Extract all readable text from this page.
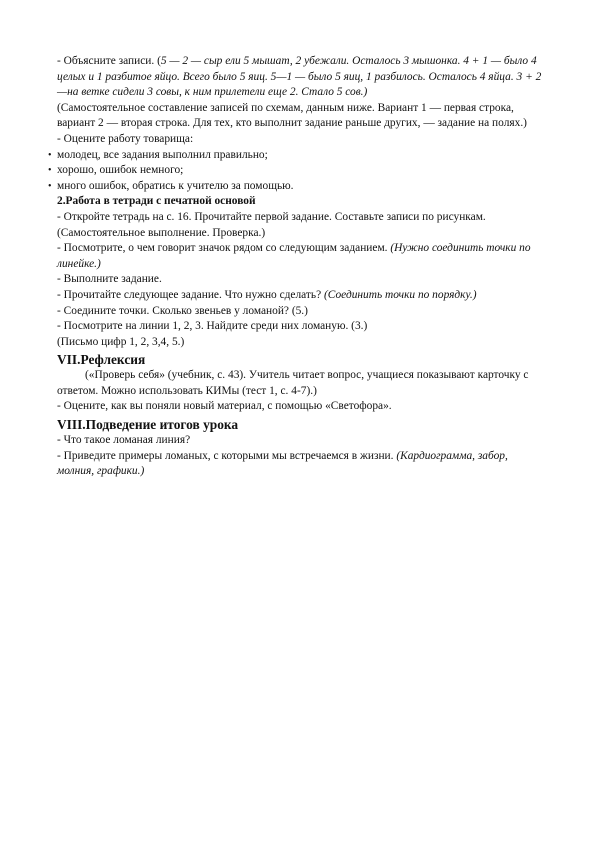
- Объясните записи. (5 — 2 — сыр ели 5 мышат, 2 убежали. Осталось 3 мышонка. 4 + 1 — было 4 целых и 1 разбитое яйцо. Всего было 5 яиц. 5—1 — было 5 яиц, 1 разбилось. Осталось 4 яйца. 3 + 2 —на ветке сидели 3 совы, к ним прилетели еще 2. Стало 5 сов.)
(Самостоятельное составление записей по схемам, данным ниже. Вариант 1 — первая строка, вариант 2 — вторая строка. Для тех, кто выполнит задание раньше других, — задание на полях.)
- Оцените работу товарища:
• молодец, все задания выполнил правильно;
• хорошо, ошибок немного;
• много ошибок, обратись к учителю за помощью.
2.Работа в тетради с печатной основой
- Откройте тетрадь на с. 16. Прочитайте первой задание. Составьте записи по рисункам.
(Самостоятельное выполнение. Проверка.)
- Посмотрите, о чем говорит значок рядом со следующим заданием. (Нужно соединить точки по линейке.)
- Выполните задание.
- Прочитайте следующее задание. Что нужно сделать? (Соединить точки по порядку.)
- Соедините точки. Сколько звеньев у ломаной? (5.)
- Посмотрите на линии 1, 2, 3. Найдите среди них ломаную. (3.)
(Письмо цифр 1, 2, 3,4, 5.)
VII.Рефлексия
(«Проверь себя» (учебник, с. 43). Учитель читает вопрос, учащиеся показывают карточку с ответом. Можно использовать КИМы (тест 1, с. 4-7).)
- Оцените, как вы поняли новый материал, с помощью «Светофора».
VIII.Подведение итогов урока
- Что такое ломаная линия?
- Приведите примеры ломаных, с которыми мы встречаемся в жизни. (Кардиограмма, забор, молния, графики.)
